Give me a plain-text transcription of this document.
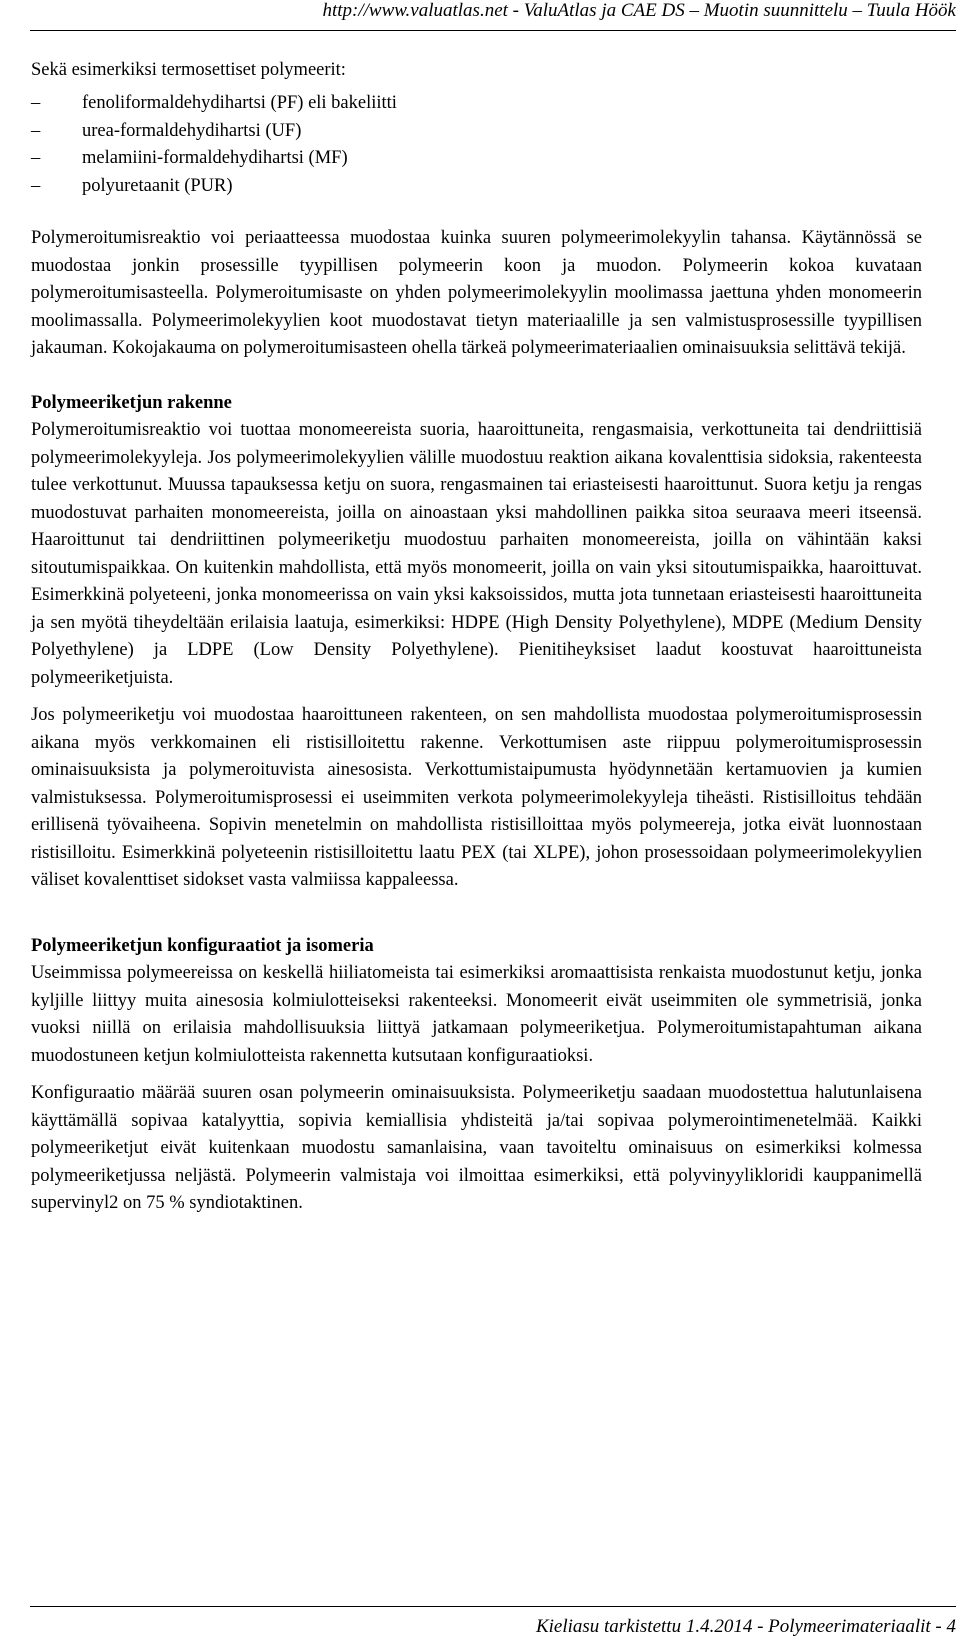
http://www.valuatlas.net - ValuAtlas ja CAE DS – Muotin suunnittelu – Tuula Höök

Sekä esimerkiksi termosettiset polymeerit:

– fenoliformaldehydihartsi (PF) eli bakeliitti
– urea-formaldehydihartsi (UF)
– melamiini-formaldehydihartsi (MF)
– polyuretaanit (PUR)

Polymeroitumisreaktio voi periaatteessa muodostaa kuinka suuren polymeerimolekyylin tahansa. Käytännössä se muodostaa jonkin prosessille tyypillisen polymeerin koon ja muodon. Polymeerin kokoa kuvataan polymeroitumisasteella. Polymeroitumisaste on yhden polymeerimolekyylin moolimassa jaettuna yhden monomeerin moolimassalla. Polymeerimolekyylien koot muodostavat tietyn materiaalille ja sen valmistusprosessille tyypillisen jakauman. Kokojakauma on polymeroitumisasteen ohella tärkeä polymeerimateriaalien ominaisuuksia selittävä tekijä.

Polymeeriketjun rakenne

Polymeroitumisreaktio voi tuottaa monomeereista suoria, haaroittuneita, rengasmaisia, verkottuneita tai dendriittisiä polymeerimolekyyleja. Jos polymeerimolekyylien välille muodostuu reaktion aikana kovalenttisia sidoksia, rakenteesta tulee verkottunut. Muussa tapauksessa ketju on suora, rengasmainen tai eriasteisesti haaroittunut. Suora ketju ja rengas muodostuvat parhaiten monomeereista, joilla on ainoastaan yksi mahdollinen paikka sitoa seuraava meeri itseensä. Haaroittunut tai dendriittinen polymeeriketju muodostuu parhaiten monomeereista, joilla on vähintään kaksi sitoutumispaikkaa. On kuitenkin mahdollista, että myös monomeerit, joilla on vain yksi sitoutumispaikka, haaroittuvat. Esimerkkinä polyeteeni, jonka monomeerissa on vain yksi kaksoissidos, mutta jota tunnetaan eriasteisesti haaroittuneita ja sen myötä tiheydeltään erilaisia laatuja, esimerkiksi: HDPE (High Density Polyethylene), MDPE (Medium Density Polyethylene) ja LDPE (Low Density Polyethylene). Pienitiheyksiset laadut koostuvat haaroittuneista polymeeriketjuista.

Jos polymeeriketju voi muodostaa haaroittuneen rakenteen, on sen mahdollista muodostaa polymeroitumisprosessin aikana myös verkkomainen eli ristisilloitettu rakenne. Verkottumisen aste riippuu polymeroitumisprosessin ominaisuuksista ja polymeroituvista ainesosista. Verkottumistaipumusta hyödynnetään kertamuovien ja kumien valmistuksessa. Polymeroitumisprosessi ei useimmiten verkota polymeerimolekyyleja tiheästi. Ristisilloitus tehdään erillisenä työvaiheena. Sopivin menetelmin on mahdollista ristisilloittaa myös polymeereja, jotka eivät luonnostaan ristisilloitu. Esimerkkinä polyeteenin ristisilloitettu laatu PEX (tai XLPE), johon prosessoidaan polymeerimolekyylien väliset kovalenttiset sidokset vasta valmiissa kappaleessa.

Polymeeriketjun konfiguraatiot ja isomeria

Useimmissa polymeereissa on keskellä hiiliatomeista tai esimerkiksi aromaattisista renkaista muodostunut ketju, jonka kyljille liittyy muita ainesosia kolmiulotteiseksi rakenteeksi. Monomeerit eivät useimmiten ole symmetrisiä, jonka vuoksi niillä on erilaisia mahdollisuuksia liittyä jatkamaan polymeeriketjua. Polymeroitumistapahtuman aikana muodostuneen ketjun kolmiulotteista rakennetta kutsutaan konfiguraatioksi.

Konfiguraatio määrää suuren osan polymeerin ominaisuuksista. Polymeeriketju saadaan muodostettua halutunlaisena käyttämällä sopivaa katalyyttia, sopivia kemiallisia yhdisteitä ja/tai sopivaa polymerointimenetelmää. Kaikki polymeeriketjut eivät kuitenkaan muodostu samanlaisina, vaan tavoiteltu ominaisuus on esimerkiksi kolmessa polymeeriketjussa neljästä. Polymeerin valmistaja voi ilmoittaa esimerkiksi, että polyvinyylikloridi kauppanimellä supervinyl2 on 75 % syndiotaktinen.

Kieliasu tarkistettu 1.4.2014 - Polymeerimateriaalit - 4
